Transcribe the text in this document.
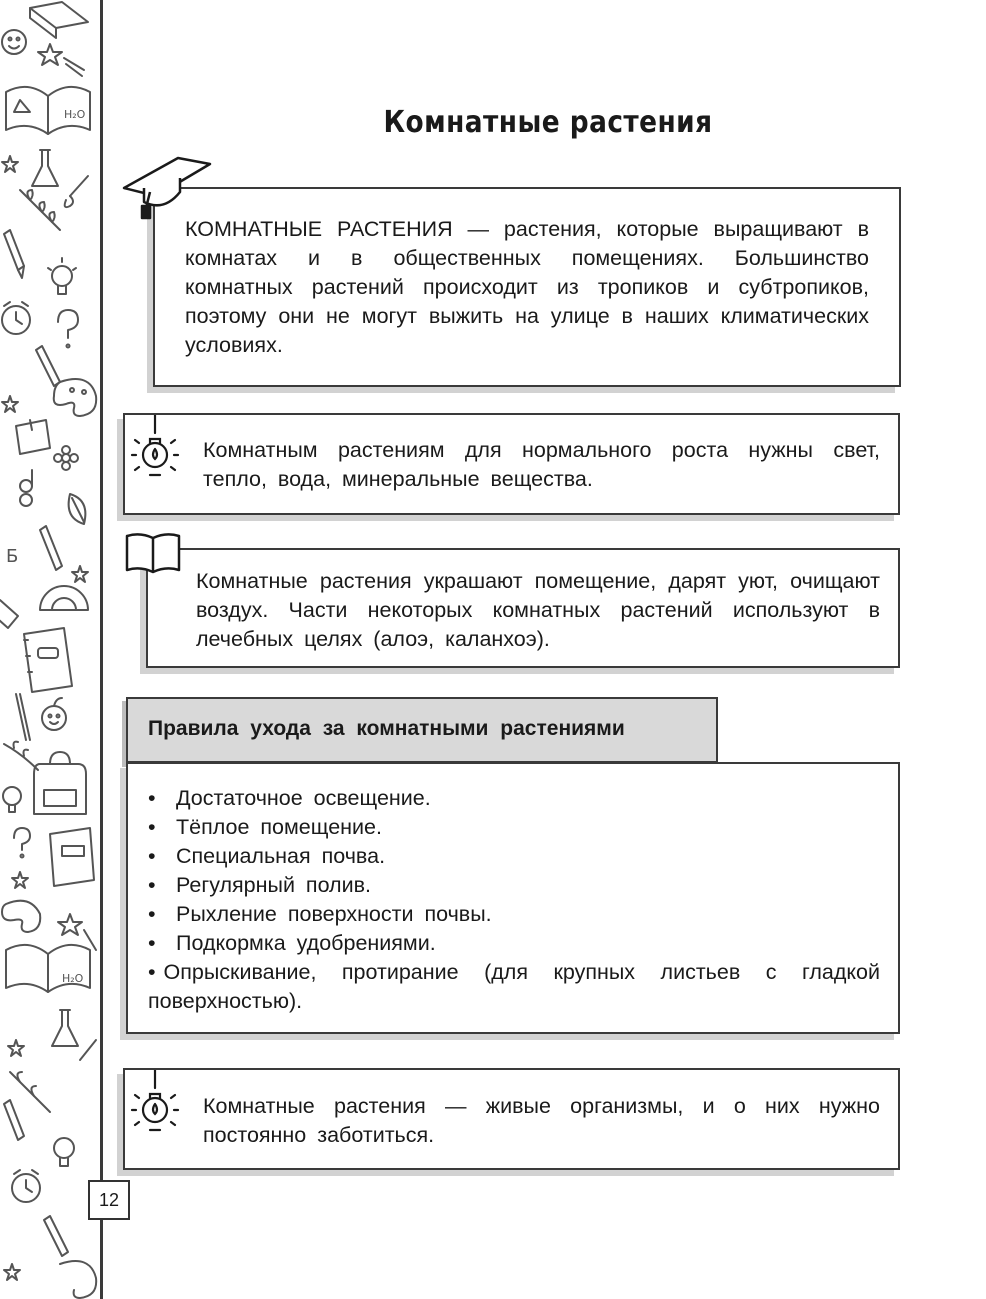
H₂O
Б
H₂O
12
Комнатные растения

КОМНАТНЫЕ РАСТЕНИЯ — растения, которые выращивают в комнатах и в общественных помещениях. Большинство комнатных растений происходит из тропиков и субтропиков, поэтому они не могут выжить на улице в наших климатических условиях.

Комнатным растениям для нормального роста нужны свет, тепло, вода, минеральные вещества.

Комнатные растения украшают помещение, дарят уют, очищают воздух. Части некоторых комнатных растений используют в лечебных целях (алоэ, каланхоэ).

Правила ухода за комнатными растениями
• Достаточное освещение.
• Тёплое помещение.
• Специальная почва.
• Регулярный полив.
• Рыхление поверхности почвы.
• Подкормка удобрениями.
• Опрыскивание, протирание (для крупных листьев с гладкой поверхностью).

Комнатные растения — живые организмы, и о них нужно постоянно заботиться.
